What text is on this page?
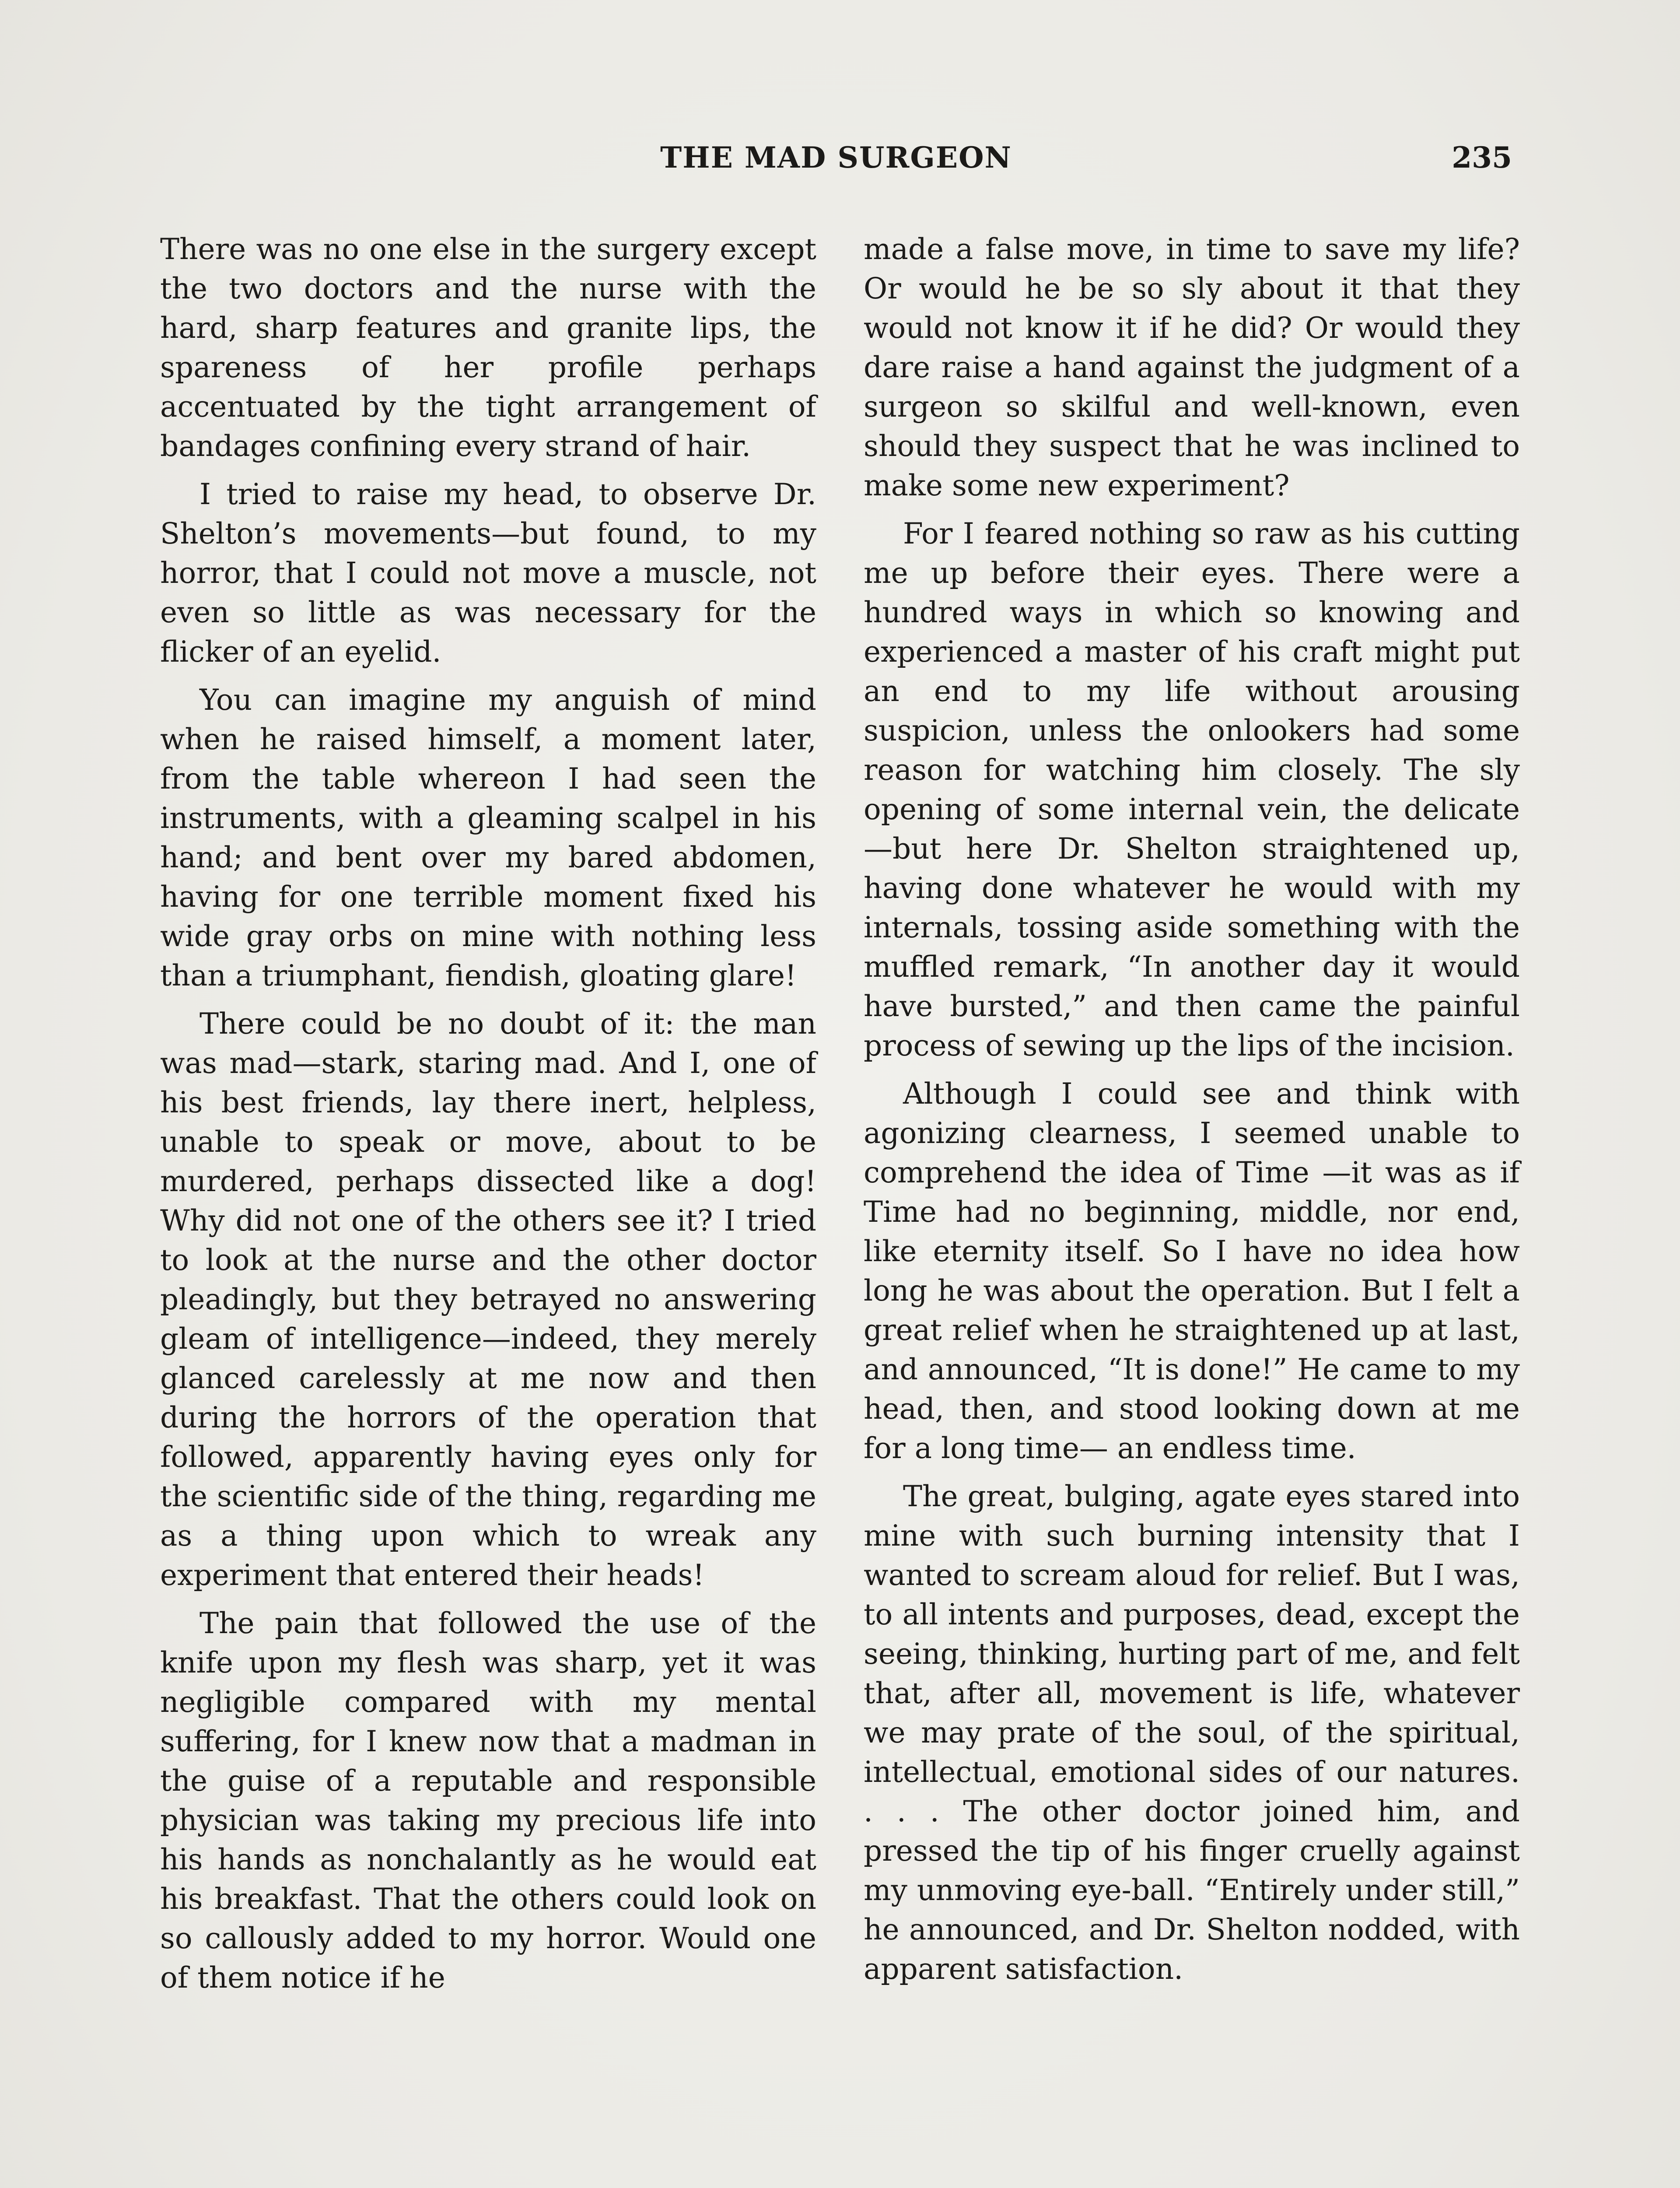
THE MAD SURGEON	235

There was no one else in the surgery except the two doctors and the nurse with the hard, sharp features and granite lips, the spareness of her profile perhaps accentuated by the tight arrangement of bandages confining every strand of hair.

I tried to raise my head, to observe Dr. Shelton’s movements—but found, to my horror, that I could not move a muscle, not even so little as was necessary for the flicker of an eyelid.

You can imagine my anguish of mind when he raised himself, a moment later, from the table whereon I had seen the instruments, with a gleaming scalpel in his hand; and bent over my bared abdomen, having for one terrible moment fixed his wide gray orbs on mine with nothing less than a triumphant, fiendish, gloating glare!

There could be no doubt of it: the man was mad—stark, staring mad. And I, one of his best friends, lay there inert, helpless, unable to speak or move, about to be murdered, perhaps dissected like a dog! Why did not one of the others see it? I tried to look at the nurse and the other doctor pleadingly, but they betrayed no answering gleam of intelligence—indeed, they merely glanced carelessly at me now and then during the horrors of the operation that followed, apparently having eyes only for the scientific side of the thing, regarding me as a thing upon which to wreak any experiment that entered their heads!

The pain that followed the use of the knife upon my flesh was sharp, yet it was negligible compared with my mental suffering, for I knew now that a madman in the guise of a reputable and responsible physician was taking my precious life into his hands as nonchalantly as he would eat his breakfast. That the others could look on so callously added to my horror. Would one of them notice if he

made a false move, in time to save my life? Or would he be so sly about it that they would not know it if he did? Or would they dare raise a hand against the judgment of a surgeon so skilful and well-known, even should they suspect that he was inclined to make some new experiment?

For I feared nothing so raw as his cutting me up before their eyes. There were a hundred ways in which so knowing and experienced a master of his craft might put an end to my life without arousing suspicion, unless the onlookers had some reason for watching him closely. The sly opening of some internal vein, the delicate —but here Dr. Shelton straightened up, having done whatever he would with my internals, tossing aside something with the muffled remark, “In another day it would have bursted,” and then came the painful process of sewing up the lips of the incision.

Although I could see and think with agonizing clearness, I seemed unable to comprehend the idea of Time —it was as if Time had no beginning, middle, nor end, like eternity itself. So I have no idea how long he was about the operation. But I felt a great relief when he straightened up at last, and announced, “It is done!” He came to my head, then, and stood looking down at me for a long time— an endless time.

The great, bulging, agate eyes stared into mine with such burning intensity that I wanted to scream aloud for relief. But I was, to all intents and purposes, dead, except the seeing, thinking, hurting part of me, and felt that, after all, movement is life, whatever we may prate of the soul, of the spiritual, intellectual, emotional sides of our natures. . . . The other doctor joined him, and pressed the tip of his finger cruelly against my unmoving eye-ball. “Entirely under still,” he announced, and Dr. Shelton nodded, with apparent satisfaction.
